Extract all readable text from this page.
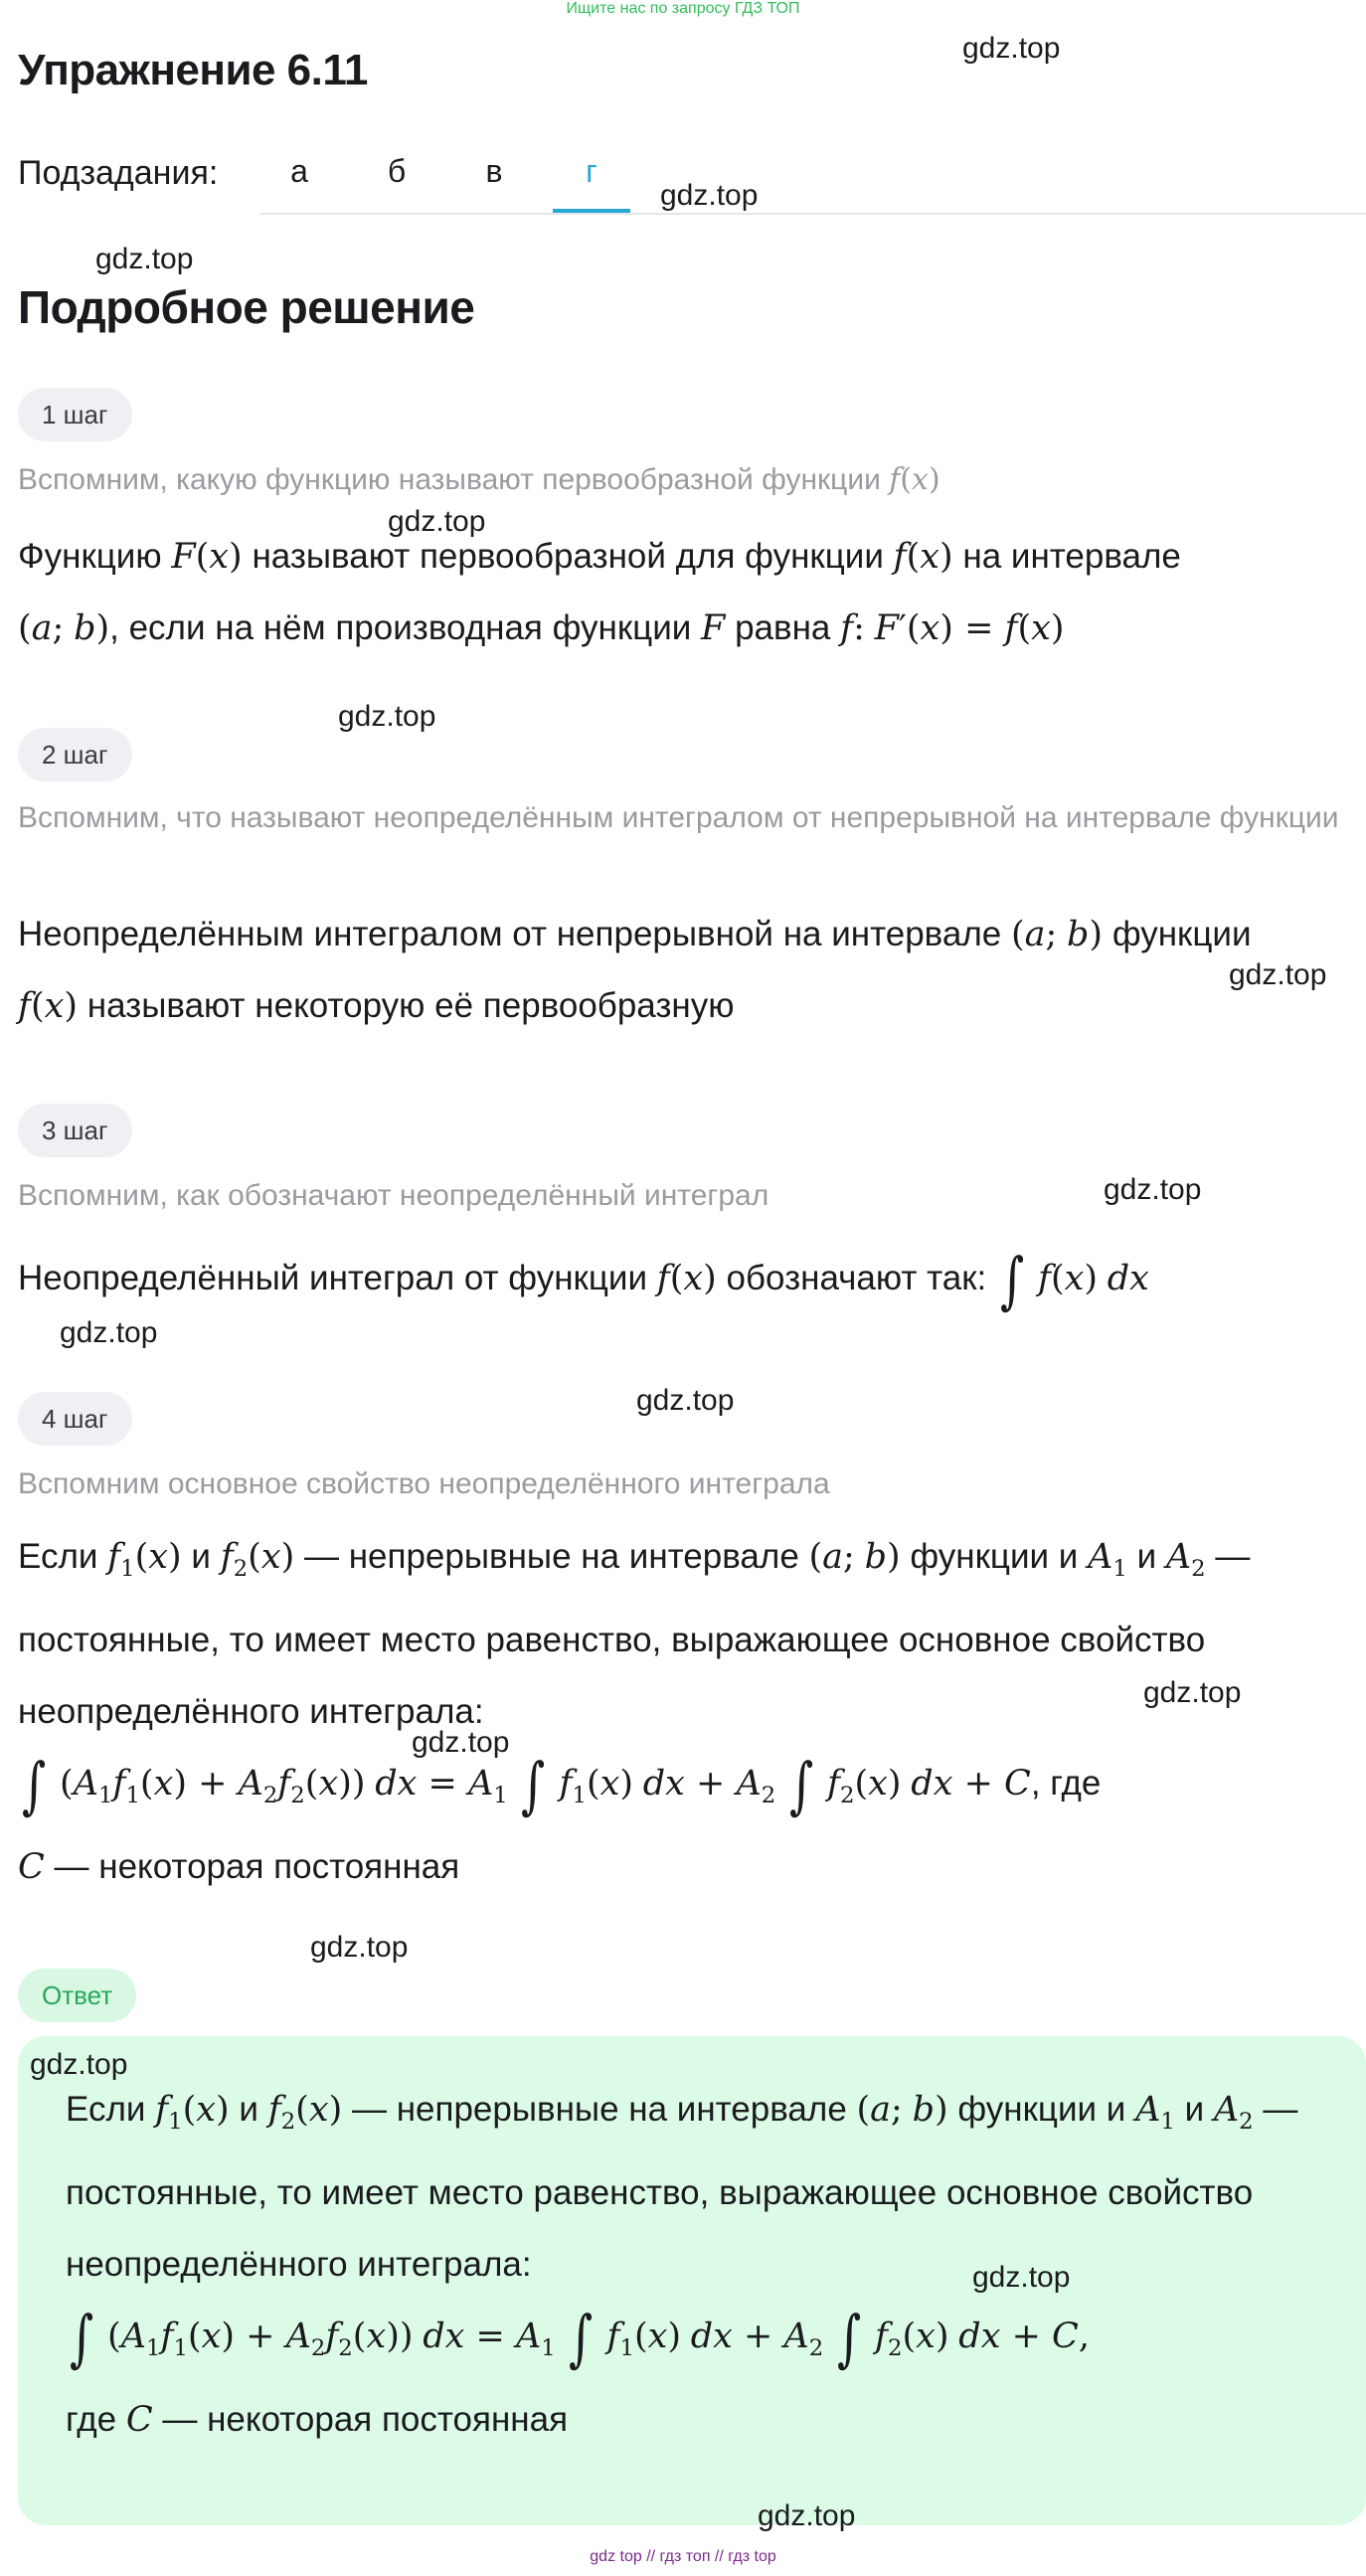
Ищите нас по запросу ГДЗ ТОП
gdz.top
Упражнение 6.11
Подзадания:	а	б	в	г
gdz.top
gdz.top
Подробное решение
1 шаг
Вспомним, какую функцию называют первообразной функции f(x)
gdz.top
Функцию F(x) называют первообразной для функции f(x) на интервале
(a; b), если на нём производная функции F равна f: F′(x) = f(x)
gdz.top
2 шаг
Вспомним, что называют неопределённым интегралом от непрерывной на интервале функции
Неопределённым интегралом от непрерывной на интервале (a; b) функции
f(x) называют некоторую её первообразную
gdz.top
3 шаг
gdz.top
Вспомним, как обозначают неопределённый интеграл
Неопределённый интеграл от функции f(x) обозначают так: ∫ f(x) dx
gdz.top
4 шаг
gdz.top
Вспомним основное свойство неопределённого интеграла
Если $f_1(x)$ и $f_2(x)$ — непрерывные на интервале (a; b) функции и $A_1$ и $A_2$ — постоянные, то имеет место равенство, выражающее основное свойство неопределённого интеграла:
∫ $(A_1f_1(x) + A_2f_2(x))$ dx = $A_1$ ∫ $f_1(x)$ dx + $A_2$ ∫ $f_2(x)$ dx + C, где
C — некоторая постоянная
gdz.top
gdz.top
gdz.top
Ответ
gdz.top
Если $f_1(x)$ и $f_2(x)$ — непрерывные на интервале (a; b) функции и $A_1$ и $A_2$ — постоянные, то имеет место равенство, выражающее основное свойство неопределённого интеграла:
∫ $(A_1f_1(x) + A_2f_2(x))$ dx = $A_1$ ∫ $f_1(x)$ dx + $A_2$ ∫ $f_2(x)$ dx + C,
где C — некоторая постоянная
gdz.top
gdz.top
gdz top // гдз топ // гдз top
